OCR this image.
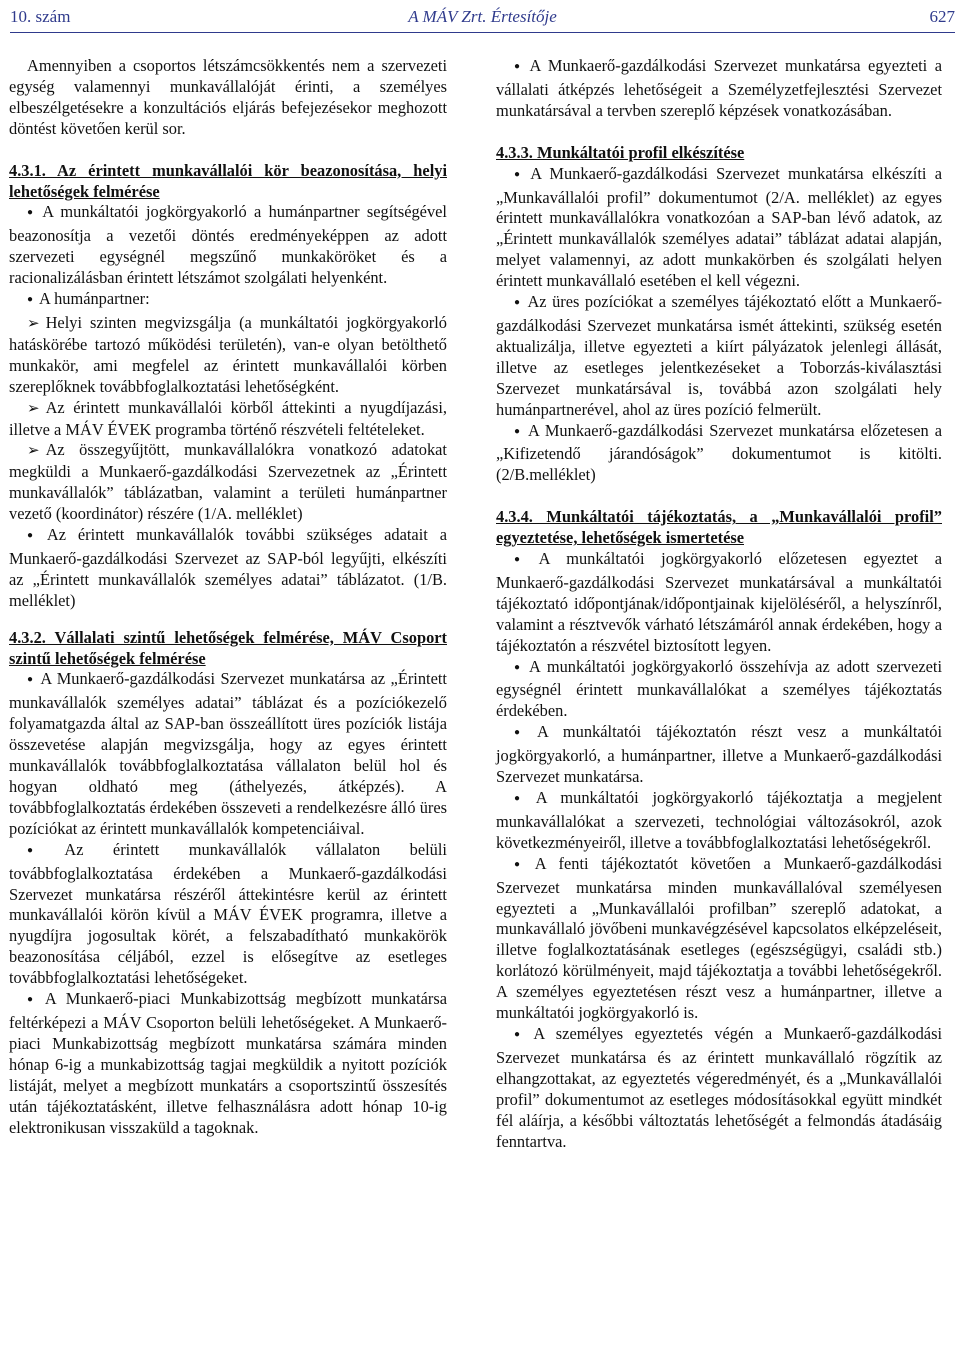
10. szám	A MÁV Zrt. Értesítője	627

Amennyiben a csoportos létszámcsökkentés nem a szervezeti egység valamennyi munkavállalóját érinti, a személyes elbeszélgetésekre a konzultációs eljárás befejezésekor meghozott döntést követően kerül sor.

4.3.1. Az érintett munkavállalói kör beazonosítása, helyi lehetőségek felmérése

● A munkáltatói jogkörgyakorló a humánpartner segítségével beazonosítja a vezetői döntés eredményeképpen az adott szervezeti egységnél megszűnő munkaköröket és a racionalizálásban érintett létszámot szolgálati helyenként.

● A humánpartner:

➢ Helyi szinten megvizsgálja (a munkáltatói jogkörgyakorló hatáskörébe tartozó működési területén), van-e olyan betölthető munkakör, ami megfelel az érintett munkavállalói körben szereplőknek továbbfoglalkoztatási lehetőségként.

➢ Az érintett munkavállalói körből áttekinti a nyugdíjazási, illetve a MÁV ÉVEK programba történő részvételi feltételeket.

➢ Az összegyűjtött, munkavállalókra vonatkozó adatokat megküldi a Munkaerő-gazdálkodási Szervezetnek az „Érintett munkavállalók” táblázatban, valamint a területi humánpartner vezető (koordinátor) részére (1/A. melléklet)

● Az érintett munkavállalók további szükséges adatait a Munkaerő-gazdálkodási Szervezet az SAP-ból legyűjti, elkészíti az „Érintett munkavállalók személyes adatai” táblázatot. (1/B. melléklet)

4.3.2. Vállalati szintű lehetőségek felmérése, MÁV Csoport szintű lehetőségek felmérése

● A Munkaerő-gazdálkodási Szervezet munkatársa az „Érintett munkavállalók személyes adatai” táblázat és a pozíciókezelő folyamatgazda által az SAP-ban összeállított üres pozíciók listája összevetése alapján megvizsgálja, hogy az egyes érintett munkavállalók továbbfoglalkoztatása vállalaton belül hol és hogyan oldható meg (áthelyezés, átképzés). A továbbfoglalkoztatás érdekében összeveti a rendelkezésre álló üres pozíciókat az érintett munkavállalók kompetenciáival.

● Az érintett munkavállalók vállalaton belüli továbbfoglalkoztatása érdekében a Munkaerő-gazdálkodási Szervezet munkatársa részéről áttekintésre kerül az érintett munkavállalói körön kívül a MÁV ÉVEK programra, illetve a nyugdíjra jogosultak körét, a felszabadítható munkakörök beazonosítása céljából, ezzel is elősegítve az esetleges továbbfoglalkoztatási lehetőségeket.

● A Munkaerő-piaci Munkabizottság megbízott munkatársa feltérképezi a MÁV Csoporton belüli lehetőségeket. A Munkaerő-piaci Munkabizottság megbízott munkatársa számára minden hónap 6-ig a munkabizottság tagjai megküldik a nyitott pozíciók listáját, melyet a megbízott munkatárs a csoportszintű összesítés után tájékoztatásként, illetve felhasználásra adott hónap 10-ig elektronikusan visszaküld a tagoknak.

● A Munkaerő-gazdálkodási Szervezet munkatársa egyezteti a vállalati átképzés lehetőségeit a Személyzetfejlesztési Szervezet munkatársával a tervben szereplő képzések vonatkozásában.

4.3.3. Munkáltatói profil elkészítése

● A Munkaerő-gazdálkodási Szervezet munkatársa elkészíti a „Munkavállalói profil” dokumentumot (2/A. melléklet) az egyes érintett munkavállalókra vonatkozóan a SAP-ban lévő adatok, az „Érintett munkavállalók személyes adatai” táblázat adatai alapján, melyet valamennyi, az adott munkakörben és szolgálati helyen érintett munkavállaló esetében el kell végezni.

● Az üres pozíciókat a személyes tájékoztató előtt a Munkaerő-gazdálkodási Szervezet munkatársa ismét áttekinti, szükség esetén aktualizálja, illetve egyezteti a kiírt pályázatok jelenlegi állását, illetve az esetleges jelentkezéseket a Toborzás-kiválasztási Szervezet munkatársával is, továbbá azon szolgálati hely humánpartnerével, ahol az üres pozíció felmerült.

● A Munkaerő-gazdálkodási Szervezet munkatársa előzetesen a „Kifizetendő járandóságok” dokumentumot is kitölti. (2/B.melléklet)

4.3.4. Munkáltatói tájékoztatás, a „Munkavállalói profil” egyeztetése, lehetőségek ismertetése

● A munkáltatói jogkörgyakorló előzetesen egyeztet a Munkaerő-gazdálkodási Szervezet munkatársával a munkáltatói tájékoztató időpontjának/időpontjainak kijelöléséről, a helyszínről, valamint a résztvevők várható létszámáról annak érdekében, hogy a tájékoztatón a részvétel biztosított legyen.

● A munkáltatói jogkörgyakorló összehívja az adott szervezeti egységnél érintett munkavállalókat a személyes tájékoztatás érdekében.

● A munkáltatói tájékoztatón részt vesz a munkáltatói jogkörgyakorló, a humánpartner, illetve a Munkaerő-gazdálkodási Szervezet munkatársa.

● A munkáltatói jogkörgyakorló tájékoztatja a megjelent munkavállalókat a szervezeti, technológiai változásokról, azok következményeiről, illetve a továbbfoglalkoztatási lehetőségekről.

● A fenti tájékoztatót követően a Munkaerő-gazdálkodási Szervezet munkatársa minden munkavállalóval személyesen egyezteti a „Munkavállalói profilban” szereplő adatokat, a munkavállaló jövőbeni munkavégzésével kapcsolatos elképzeléseit, illetve foglalkoztatásának esetleges (egészségügyi, családi stb.) korlátozó körülményeit, majd tájékoztatja a további lehetőségekről. A személyes egyeztetésen részt vesz a humánpartner, illetve a munkáltatói jogkörgyakorló is.

● A személyes egyeztetés végén a Munkaerő-gazdálkodási Szervezet munkatársa és az érintett munkavállaló rögzítik az elhangzottakat, az egyeztetés végeredményét, és a „Munkavállalói profil” dokumentumot az esetleges módosításokkal együtt mindkét fél aláírja, a későbbi változtatás lehetőségét a felmondás átadásáig fenntartva.
